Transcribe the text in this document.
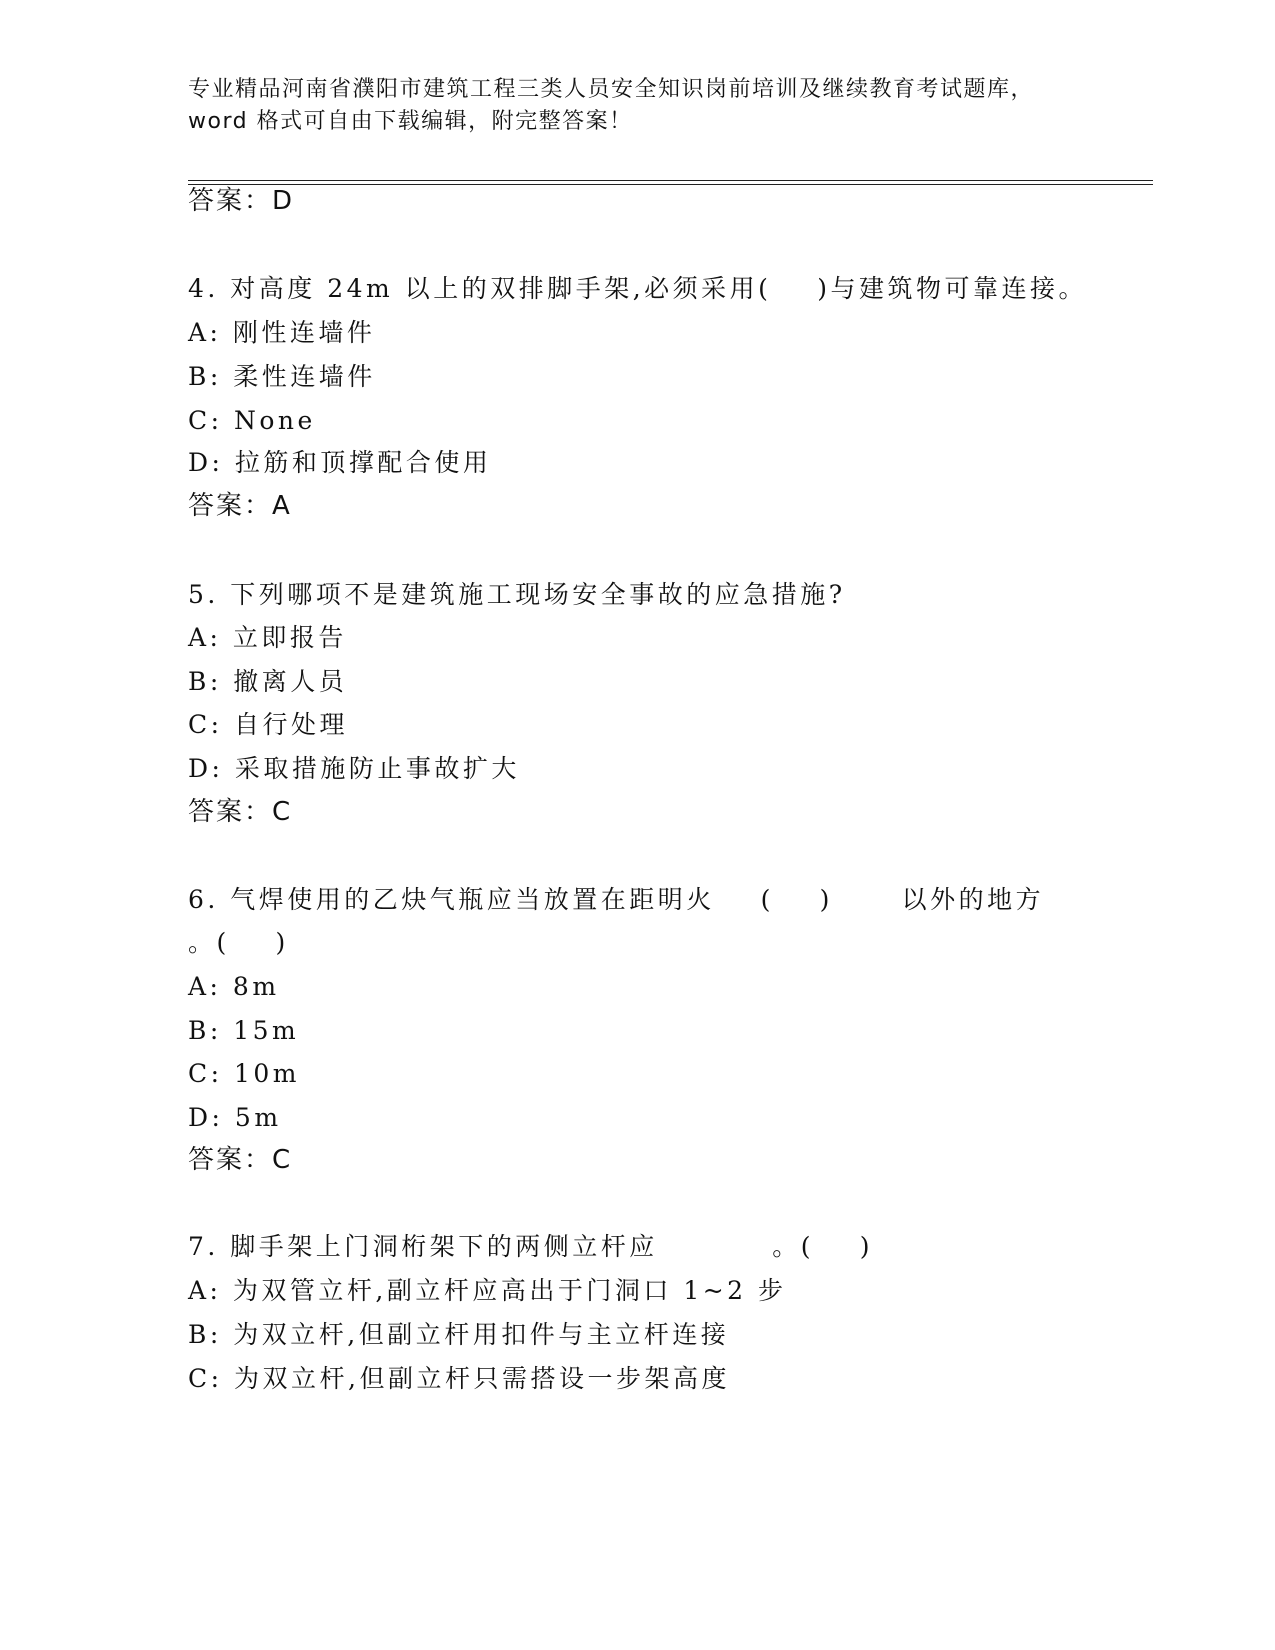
专业精品河南省濮阳市建筑工程三类人员安全知识岗前培训及继续教育考试题库，
word 格式可自由下载编辑，附完整答案！
答案：D
4. 对高度 24m 以上的双排脚手架,必须采用(    )与建筑物可靠连接。
A: 刚性连墙件
B: 柔性连墙件
C: None
D: 拉筋和顶撑配合使用
答案：A
5. 下列哪项不是建筑施工现场安全事故的应急措施?
A: 立即报告
B: 撤离人员
C: 自行处理
D: 采取措施防止事故扩大
答案：C
6. 气焊使用的乙炔气瓶应当放置在距明火    (    )      以外的地方
。(    )
A: 8m
B: 15m
C: 10m
D: 5m
答案：C
7. 脚手架上门洞桁架下的两侧立杆应          。(    )
A: 为双管立杆,副立杆应高出于门洞口 1~2 步
B: 为双立杆,但副立杆用扣件与主立杆连接
C: 为双立杆,但副立杆只需搭设一步架高度
